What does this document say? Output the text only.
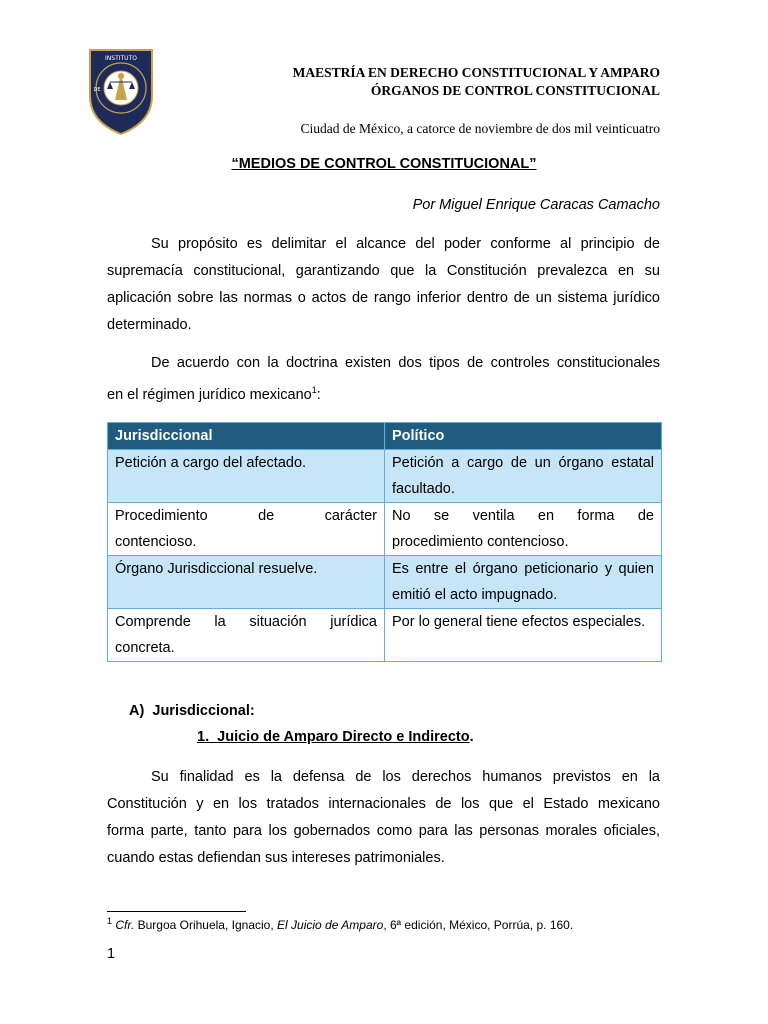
INSTITUTO
DE
MAESTRÍA EN DERECHO CONSTITUCIONAL Y AMPARO
ÓRGANOS DE CONTROL CONSTITUCIONAL
Ciudad de México, a catorce de noviembre de dos mil veinticuatro
“MEDIOS DE CONTROL CONSTITUCIONAL”
Por Miguel Enrique Caracas Camacho
Su propósito es delimitar el alcance del poder conforme al principio de
supremacía constitucional, garantizando que la Constitución prevalezca en su
aplicación sobre las normas o actos de rango inferior dentro de un sistema jurídico
determinado.
De acuerdo con la doctrina existen dos tipos de controles constitucionales
en el régimen jurídico mexicano$^1$:
Jurisdiccional	Político

Petición a cargo del afectado.	Petición a cargo de un órgano estatal
facultado.

Procedimiento de carácter
contencioso.	No se ventila en forma de
procedimiento contencioso.

Órgano Jurisdiccional resuelve.	Es entre el órgano peticionario y quien
emitió el acto impugnado.

Comprende la situación jurídica
concreta.	Por lo general tiene efectos especiales.
A) Jurisdiccional:
1. Juicio de Amparo Directo e Indirecto.
Su finalidad es la defensa de los derechos humanos previstos en la
Constitución y en los tratados internacionales de los que el Estado mexicano
forma parte, tanto para los gobernados como para las personas morales oficiales,
cuando estas defiendan sus intereses patrimoniales.
$^1$ Cfr. Burgoa Orihuela, Ignacio, El Juicio de Amparo, 6ª edición, México, Porrúa, p. 160.
1
